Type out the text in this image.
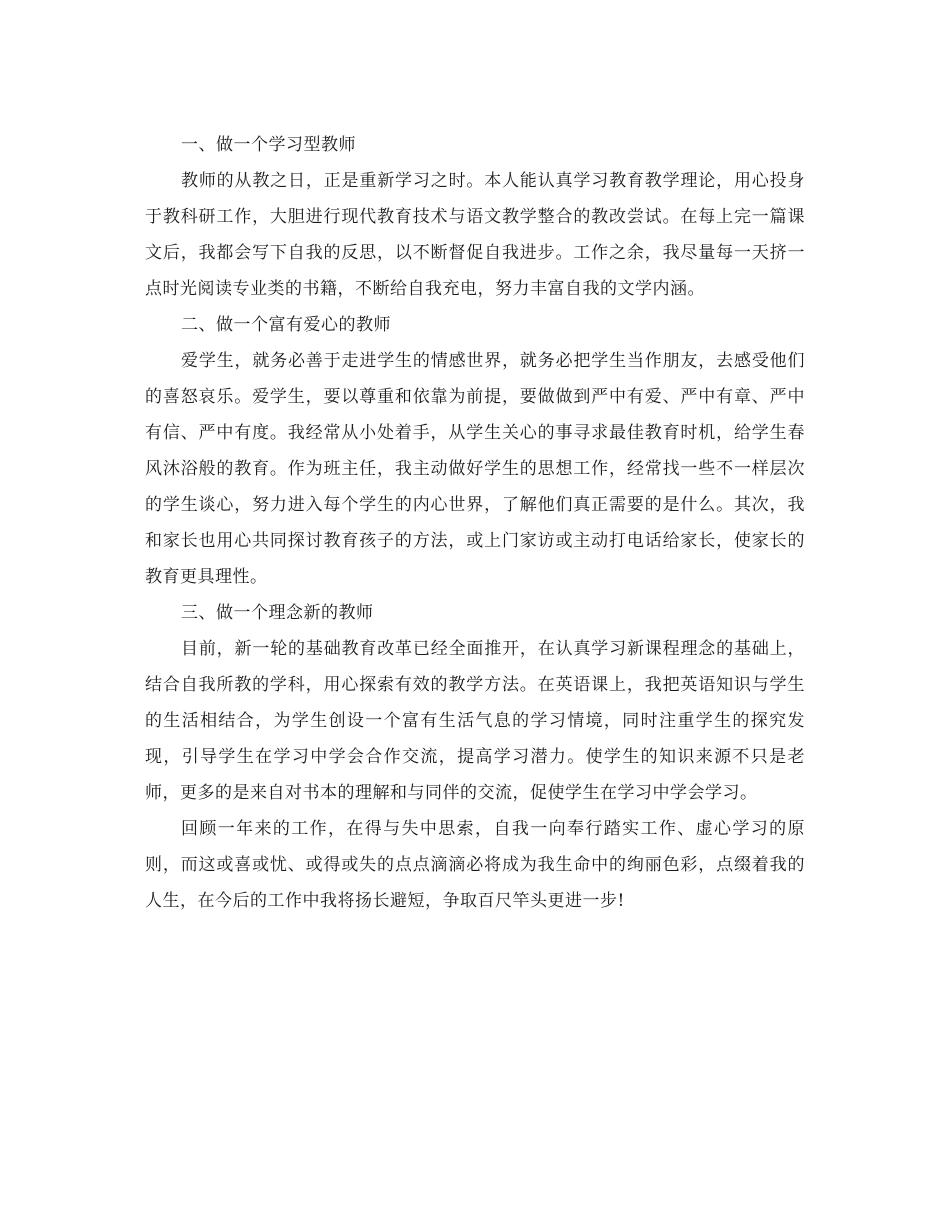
一、做一个学习型教师

教师的从教之日，正是重新学习之时。本人能认真学习教育教学理论，用心投身于教科研工作，大胆进行现代教育技术与语文教学整合的教改尝试。在每上完一篇课文后，我都会写下自我的反思，以不断督促自我进步。工作之余，我尽量每一天挤一点时光阅读专业类的书籍，不断给自我充电，努力丰富自我的文学内涵。

二、做一个富有爱心的教师

爱学生，就务必善于走进学生的情感世界，就务必把学生当作朋友，去感受他们的喜怒哀乐。爱学生，要以尊重和依靠为前提，要做做到严中有爱、严中有章、严中有信、严中有度。我经常从小处着手，从学生关心的事寻求最佳教育时机，给学生春风沐浴般的教育。作为班主任，我主动做好学生的思想工作，经常找一些不一样层次的学生谈心，努力进入每个学生的内心世界，了解他们真正需要的是什么。其次，我和家长也用心共同探讨教育孩子的方法，或上门家访或主动打电话给家长，使家长的教育更具理性。

三、做一个理念新的教师

目前，新一轮的基础教育改革已经全面推开，在认真学习新课程理念的基础上，结合自我所教的学科，用心探索有效的教学方法。在英语课上，我把英语知识与学生的生活相结合，为学生创设一个富有生活气息的学习情境，同时注重学生的探究发现，引导学生在学习中学会合作交流，提高学习潜力。使学生的知识来源不只是老师，更多的是来自对书本的理解和与同伴的交流，促使学生在学习中学会学习。

回顾一年来的工作，在得与失中思索，自我一向奉行踏实工作、虚心学习的原则，而这或喜或忧、或得或失的点点滴滴必将成为我生命中的绚丽色彩，点缀着我的人生，在今后的工作中我将扬长避短，争取百尺竿头更进一步!
